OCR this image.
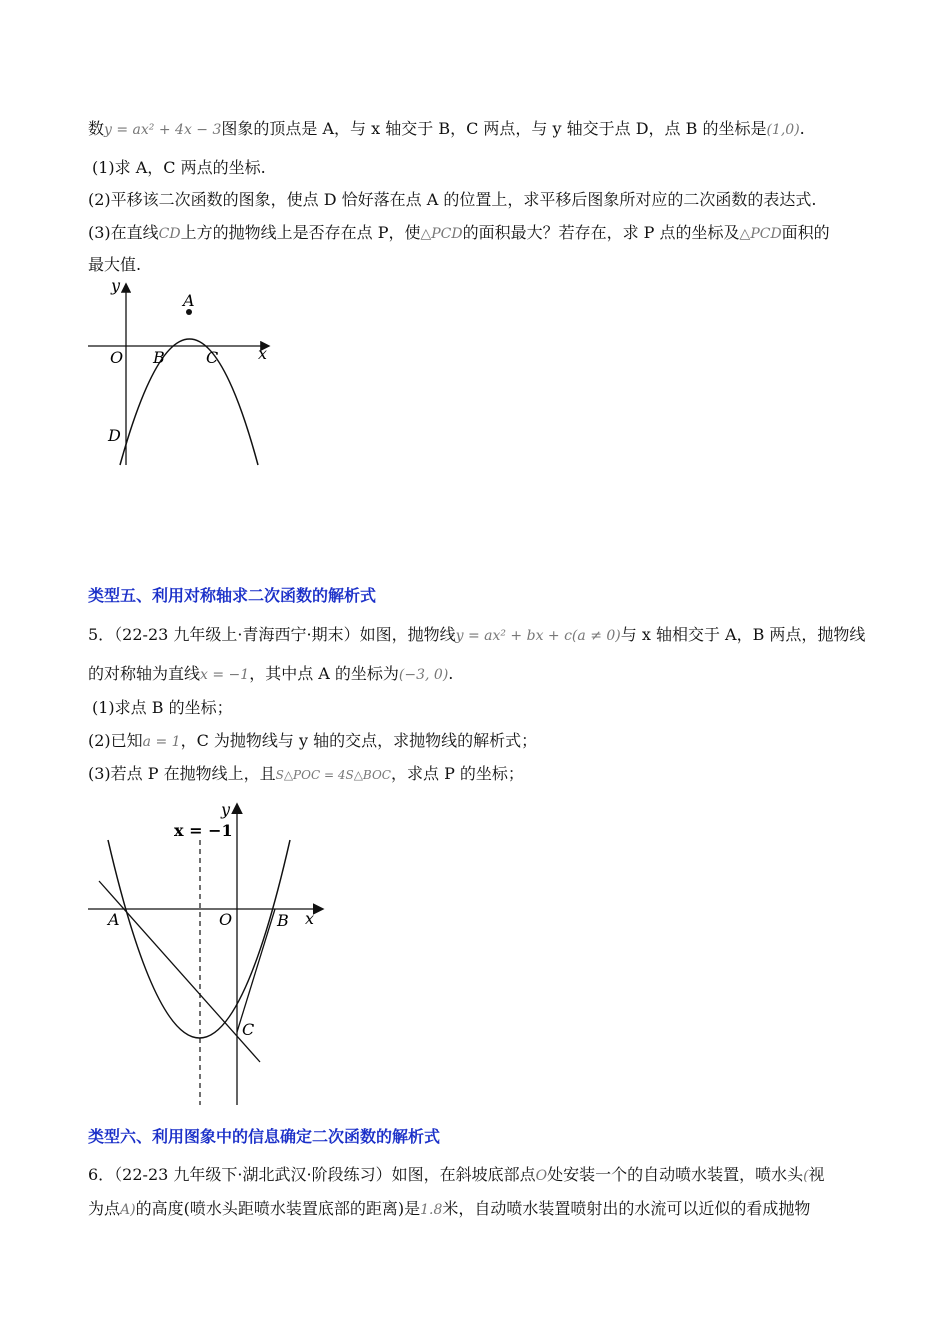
数y = ax² + 4x − 3图象的顶点是 A，与 x 轴交于 B，C 两点，与 y 轴交于点 D，点 B 的坐标是(1,0).
(1)求 A，C 两点的坐标.
(2)平移该二次函数的图象，使点 D 恰好落在点 A 的位置上，求平移后图象所对应的二次函数的表达式.
(3)在直线CD上方的抛物线上是否存在点 P，使△PCD的面积最大？若存在，求 P 点的坐标及△PCD面积的
最大值.
y
A
x
O B	C
D
类型五、利用对称轴求二次函数的解析式
5．（22-23 九年级上·青海西宁·期末）如图，抛物线y = ax² + bx + c(a ≠ 0)与 x 轴相交于 A，B 两点，抛物线
的对称轴为直线x = −1，其中点 A 的坐标为(−3, 0).
(1)求点 B 的坐标；
(2)已知a = 1，C 为抛物线与 y 轴的交点，求抛物线的解析式；
(3)若点 P 在抛物线上，且S△POC = 4S△BOC，求点 P 的坐标；
x = −1
y
x
O
A	B
C
类型六、利用图象中的信息确定二次函数的解析式
6．（22-23 九年级下·湖北武汉·阶段练习）如图，在斜坡底部点O处安装一个的自动喷水装置，喷水头(视
为点A)的高度(喷水头距喷水装置底部的距离)是1.8米，自动喷水装置喷射出的水流可以近似的看成抛物
